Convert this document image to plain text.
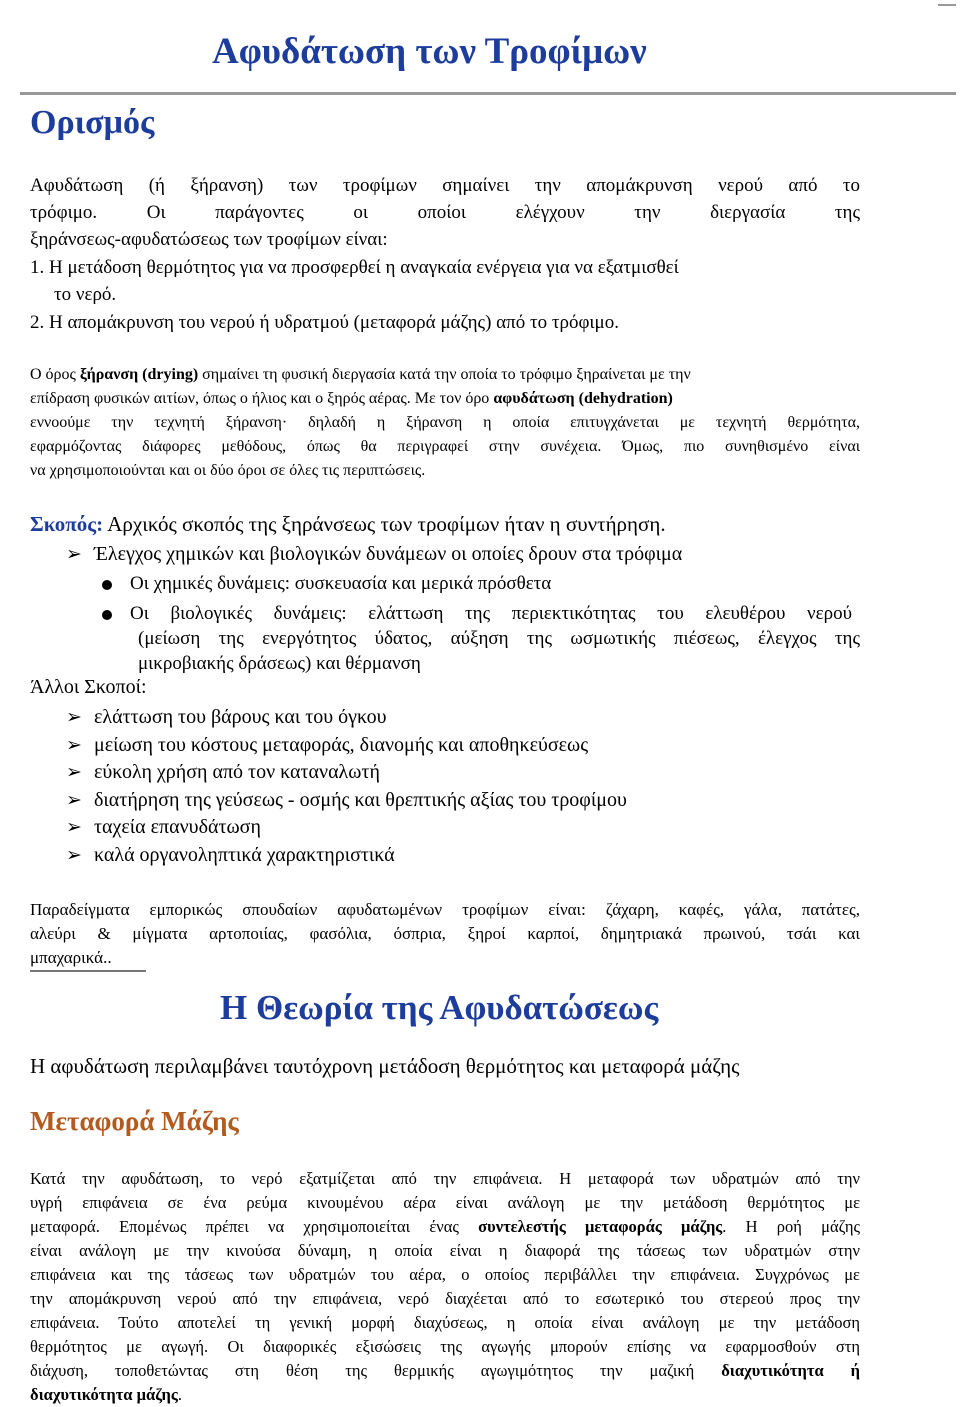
Αφυδάτωση των Τροφίμων
Ορισμός
Αφυδάτωση (ή ξήρανση) των τροφίμων σημαίνει την απομάκρυνση νερού από το
τρόφιμο. Οι παράγοντες οι οποίοι ελέγχουν την διεργασία της
ξηράνσεως-αφυδατώσεως των τροφίμων είναι:
1. Η μετάδοση θερμότητος για να προσφερθεί η αναγκαία ενέργεια για να εξατμισθεί
το νερό.
2. Η απομάκρυνση του νερού ή υδρατμού (μεταφορά μάζης) από το τρόφιμο.
Ο όρος ξήρανση (drying) σημαίνει τη φυσική διεργασία κατά την οποία το τρόφιμο ξηραίνεται με την
επίδραση φυσικών αιτίων, όπως ο ήλιος και ο ξηρός αέρας. Με τον όρο αφυδάτωση (dehydration)
εννοούμε την τεχνητή ξήρανση· δηλαδή η ξήρανση η οποία επιτυγχάνεται με τεχνητή θερμότητα,
εφαρμόζοντας διάφορες μεθόδους, όπως θα περιγραφεί στην συνέχεια. Όμως, πιο συνηθισμένο είναι
να χρησιμοποιούνται και οι δύο όροι σε όλες τις περιπτώσεις.
Σκοπός: Αρχικός σκοπός της ξηράνσεως των τροφίμων ήταν η συντήρηση.
➢ Έλεγχος χημικών και βιολογικών δυνάμεων οι οποίες δρουν στα τρόφιμα
Οι χημικές δυνάμεις: συσκευασία και μερικά πρόσθετα
Οι βιολογικές δυνάμεις: ελάττωση της περιεκτικότητας του ελευθέρου νερού
(μείωση της ενεργότητος ύδατος, αύξηση της ωσμωτικής πιέσεως, έλεγχος της
μικροβιακής δράσεως) και θέρμανση
Άλλοι Σκοποί:
➢ ελάττωση του βάρους και του όγκου
➢ μείωση του κόστους μεταφοράς, διανομής και αποθηκεύσεως
➢ εύκολη χρήση από τον καταναλωτή
➢ διατήρηση της γεύσεως - οσμής και θρεπτικής αξίας του τροφίμου
➢ ταχεία επανυδάτωση
➢ καλά οργανοληπτικά χαρακτηριστικά
Παραδείγματα εμπορικώς σπουδαίων αφυδατωμένων τροφίμων είναι: ζάχαρη, καφές, γάλα, πατάτες,
αλεύρι & μίγματα αρτοποιίας, φασόλια, όσπρια, ξηροί καρποί, δημητριακά πρωινού, τσάι και
μπαχαρικά..
Η Θεωρία της Αφυδατώσεως
Η αφυδάτωση περιλαμβάνει ταυτόχρονη μετάδοση θερμότητος και μεταφορά μάζης
Μεταφορά Μάζης
Κατά την αφυδάτωση, το νερό εξατμίζεται από την επιφάνεια. Η μεταφορά των υδρατμών από την
υγρή επιφάνεια σε ένα ρεύμα κινουμένου αέρα είναι ανάλογη με την μετάδοση θερμότητος με
μεταφορά. Επομένως πρέπει να χρησιμοποιείται ένας συντελεστής μεταφοράς μάζης. Η ροή μάζης
είναι ανάλογη με την κινούσα δύναμη, η οποία είναι η διαφορά της τάσεως των υδρατμών στην
επιφάνεια και της τάσεως των υδρατμών του αέρα, ο οποίος περιβάλλει την επιφάνεια. Συγχρόνως με
την απομάκρυνση νερού από την επιφάνεια, νερό διαχέεται από το εσωτερικό του στερεού προς την
επιφάνεια. Τούτο αποτελεί τη γενική μορφή διαχύσεως, η οποία είναι ανάλογη με την μετάδοση
θερμότητος με αγωγή. Οι διαφορικές εξισώσεις της αγωγής μπορούν επίσης να εφαρμοσθούν στη
διάχυση, τοποθετώντας στη θέση της θερμικής αγωγιμότητος την μαζική διαχυτικότητα ή
διαχυτικότητα μάζης.
